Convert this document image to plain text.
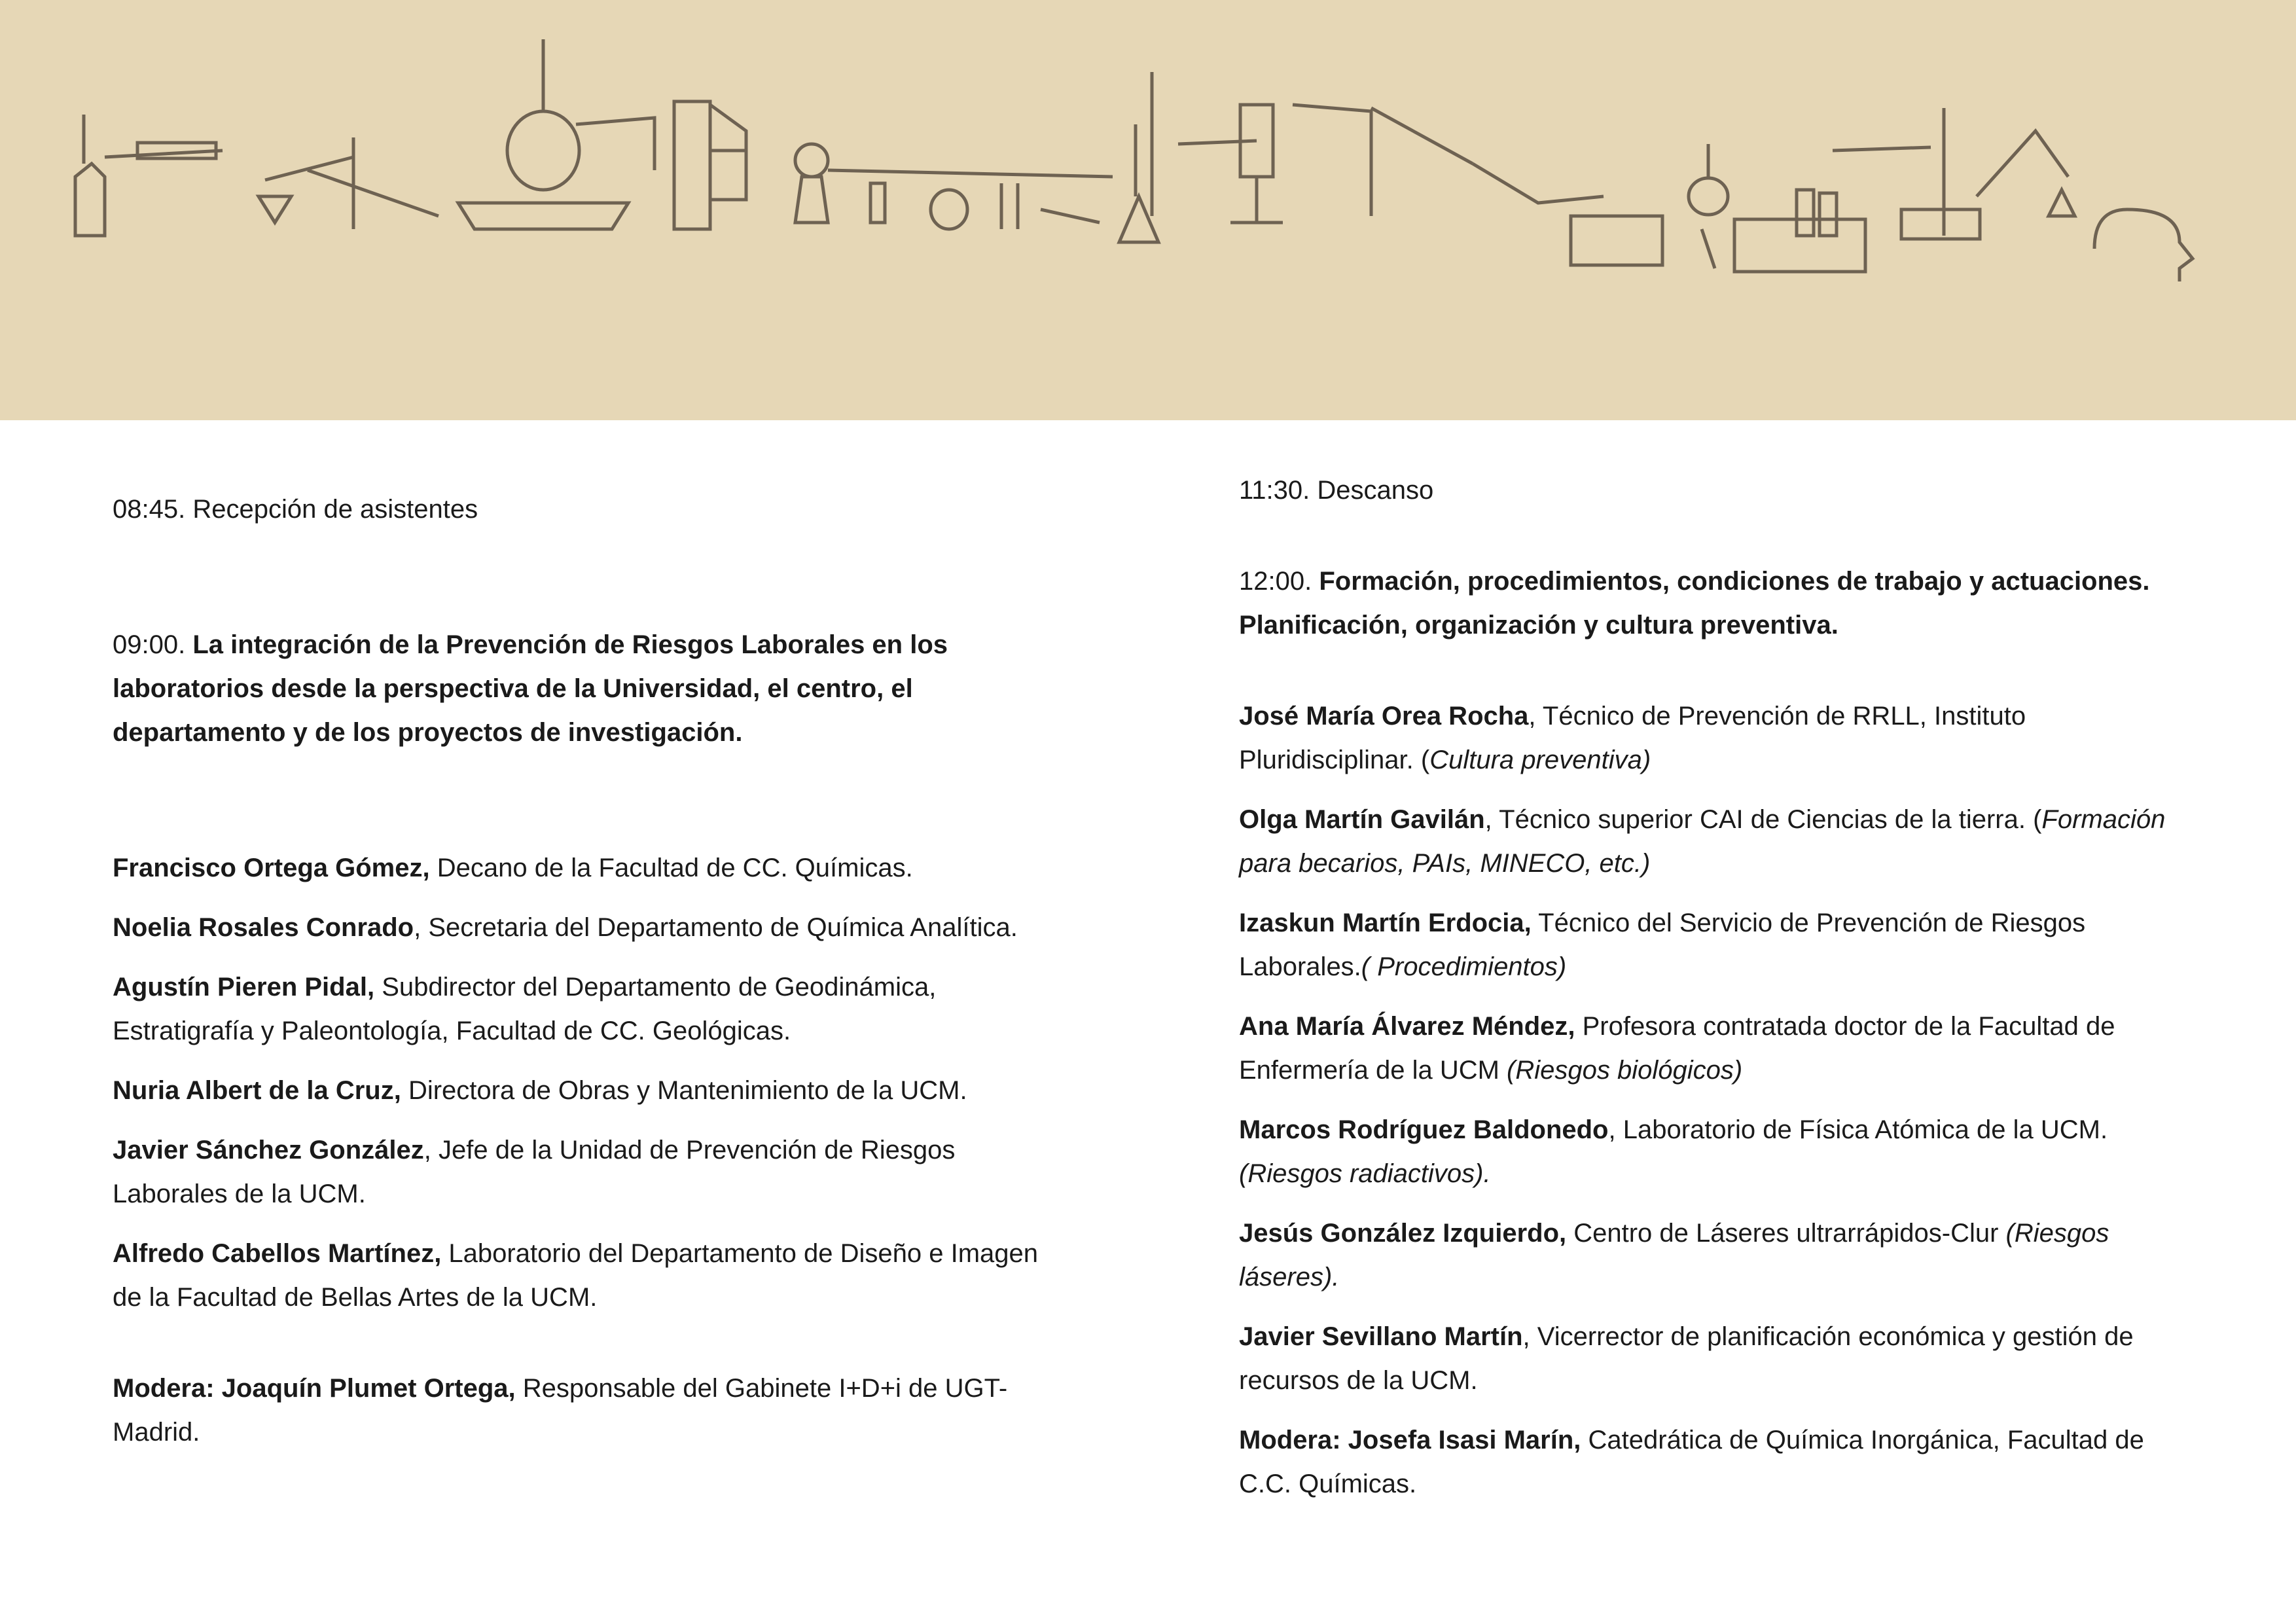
08:45. Recepción de asistentes

09:00. La integración de la Prevención de Riesgos Laborales en los laboratorios desde la perspectiva de la Universidad, el centro, el departamento y de los proyectos de investigación.

Francisco Ortega Gómez, Decano de la Facultad de CC. Químicas.

Noelia Rosales Conrado, Secretaria del Departamento de Química Analítica.

Agustín Pieren Pidal, Subdirector del Departamento de Geodinámica, Estratigrafía y Paleontología, Facultad de CC. Geológicas.

Nuria Albert de la Cruz, Directora de Obras y Mantenimiento de la UCM.

Javier Sánchez González, Jefe de la Unidad de Prevención de Riesgos Laborales de la UCM.

Alfredo Cabellos Martínez, Laboratorio del Departamento de Diseño e Imagen de la Facultad de Bellas Artes de la UCM.

Modera: Joaquín Plumet Ortega, Responsable del Gabinete I+D+i de UGT-Madrid.

11:30. Descanso

12:00. Formación, procedimientos, condiciones de trabajo y actuaciones. Planificación, organización y cultura preventiva.

José María Orea Rocha, Técnico de Prevención de RRLL, Instituto Pluridisciplinar. (Cultura preventiva)

Olga Martín Gavilán, Técnico superior CAI de Ciencias de la tierra. (Formación para becarios, PAIs, MINECO, etc.)

Izaskun Martín Erdocia, Técnico del Servicio de Prevención de Riesgos Laborales.( Procedimientos)

Ana María Álvarez Méndez, Profesora contratada doctor de la Facultad de Enfermería de la UCM (Riesgos biológicos)

Marcos Rodríguez Baldonedo, Laboratorio de Física Atómica de la UCM. (Riesgos radiactivos).

Jesús González Izquierdo, Centro de Láseres ultrarrápidos-Clur (Riesgos láseres).

Javier Sevillano Martín, Vicerrector de planificación económica y gestión de recursos de la UCM.

Modera: Josefa Isasi Marín, Catedrática de Química Inorgánica, Facultad de C.C. Químicas.
